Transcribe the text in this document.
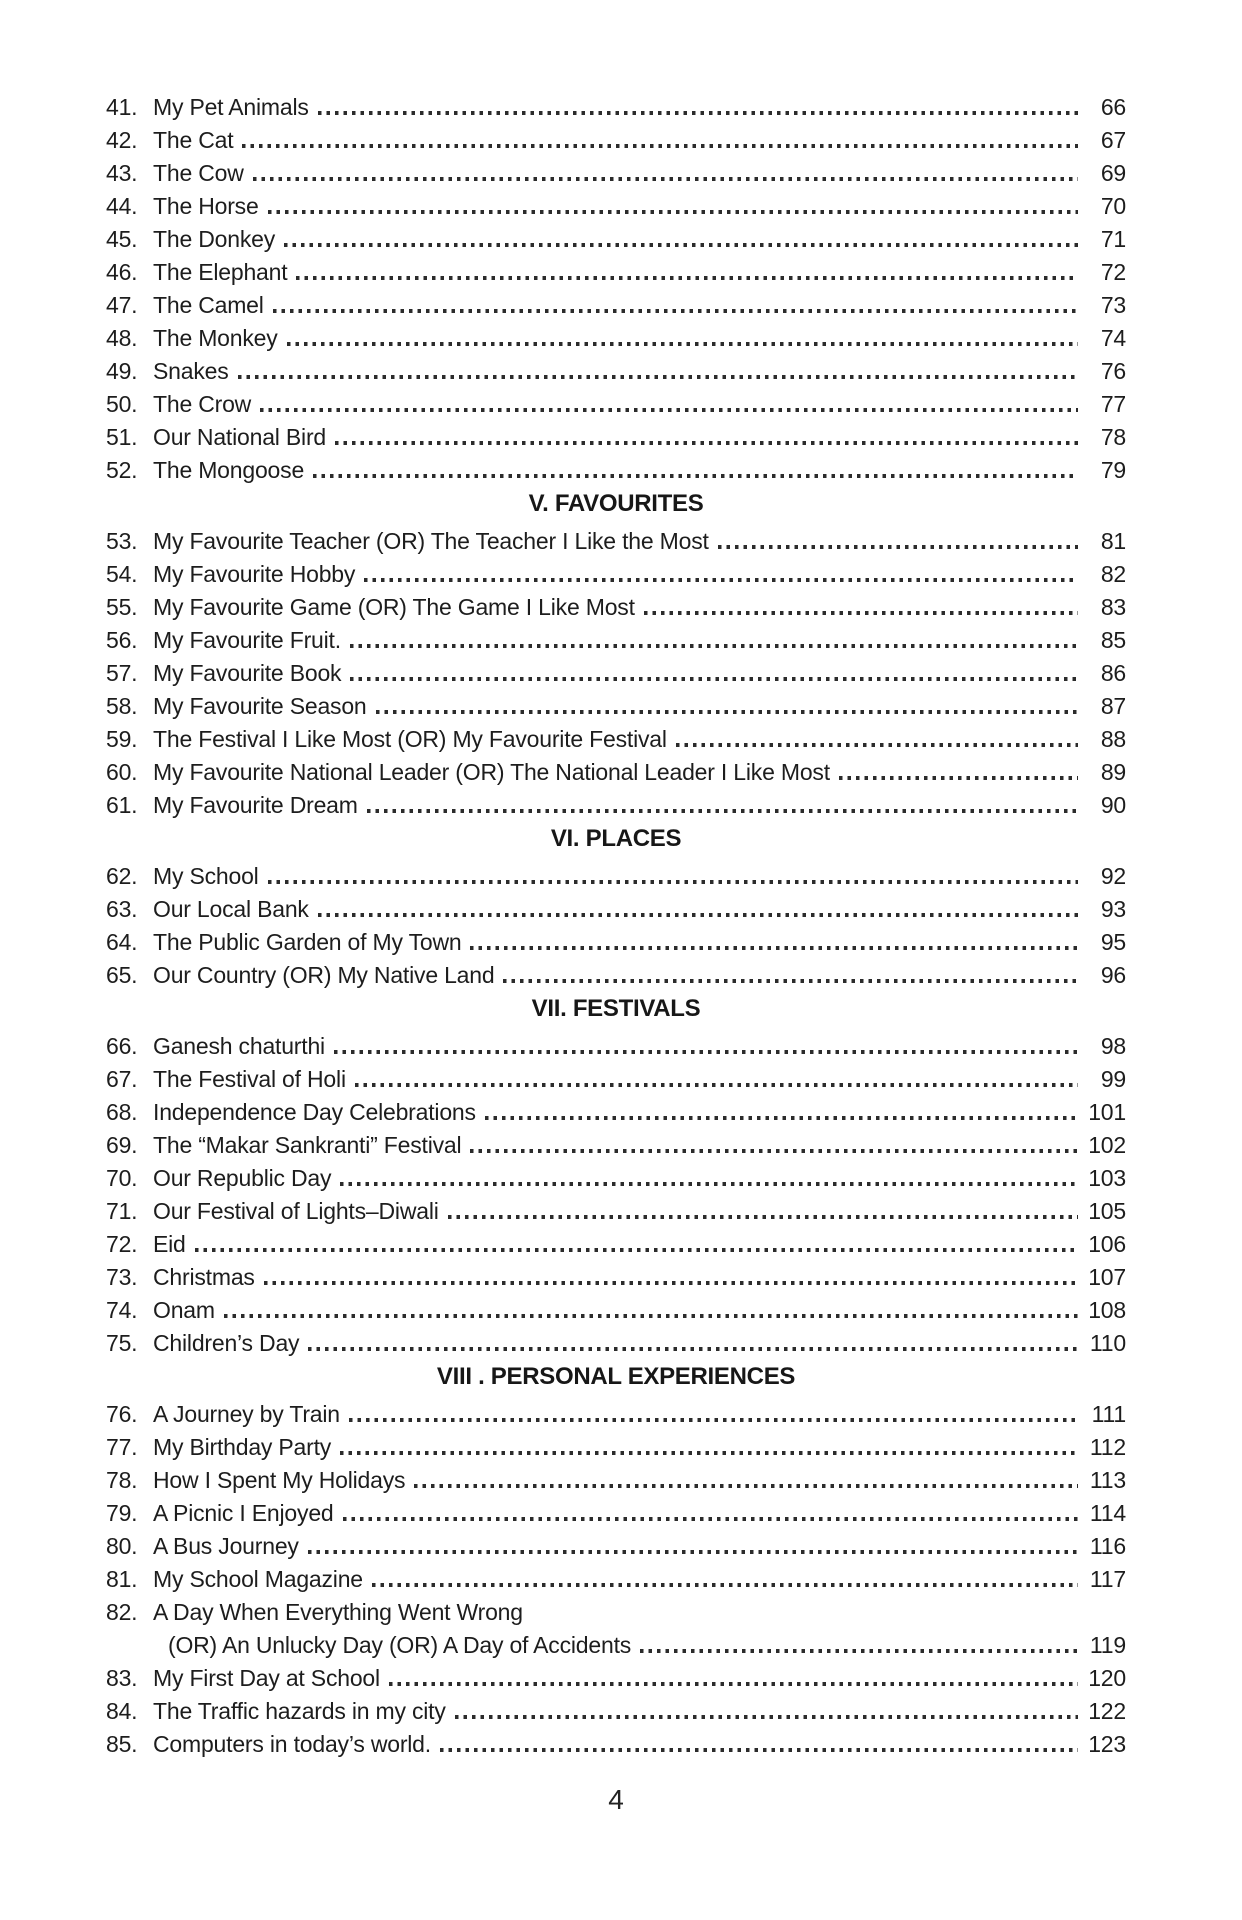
41. My Pet Animals	66
42. The Cat	67
43. The Cow	69
44. The Horse	70
45. The Donkey	71
46. The Elephant	72
47. The Camel	73
48. The Monkey	74
49. Snakes	76
50. The Crow	77
51. Our National Bird	78
52. The Mongoose	79
V. FAVOURITES
53. My Favourite Teacher (OR) The Teacher I Like the Most	81
54. My Favourite Hobby	82
55. My Favourite Game (OR) The Game I Like Most	83
56. My Favourite Fruit.	85
57. My Favourite Book	86
58. My Favourite Season	87
59. The Festival I Like Most (OR) My Favourite Festival	88
60. My Favourite National Leader (OR) The National Leader I Like Most	89
61. My Favourite Dream	90
VI. PLACES
62. My School	92
63. Our Local Bank	93
64. The Public Garden of My Town	95
65. Our Country (OR) My Native Land	96
VII. FESTIVALS
66. Ganesh chaturthi	98
67. The Festival of Holi	99
68. Independence Day Celebrations	101
69. The “Makar Sankranti” Festival	102
70. Our Republic Day	103
71. Our Festival of Lights–Diwali	105
72. Eid	106
73. Christmas	107
74. Onam	108
75. Children’s Day	110
VIII . PERSONAL EXPERIENCES
76. A Journey by Train	111
77. My Birthday Party	112
78. How I Spent My Holidays	113
79. A Picnic I Enjoyed	114
80. A Bus Journey	116
81. My School Magazine	117
82. A Day When Everything Went Wrong
(OR) An Unlucky Day (OR) A Day of Accidents	119
83. My First Day at School	120
84. The Traffic hazards in my city	122
85. Computers in today’s world.	123
4
